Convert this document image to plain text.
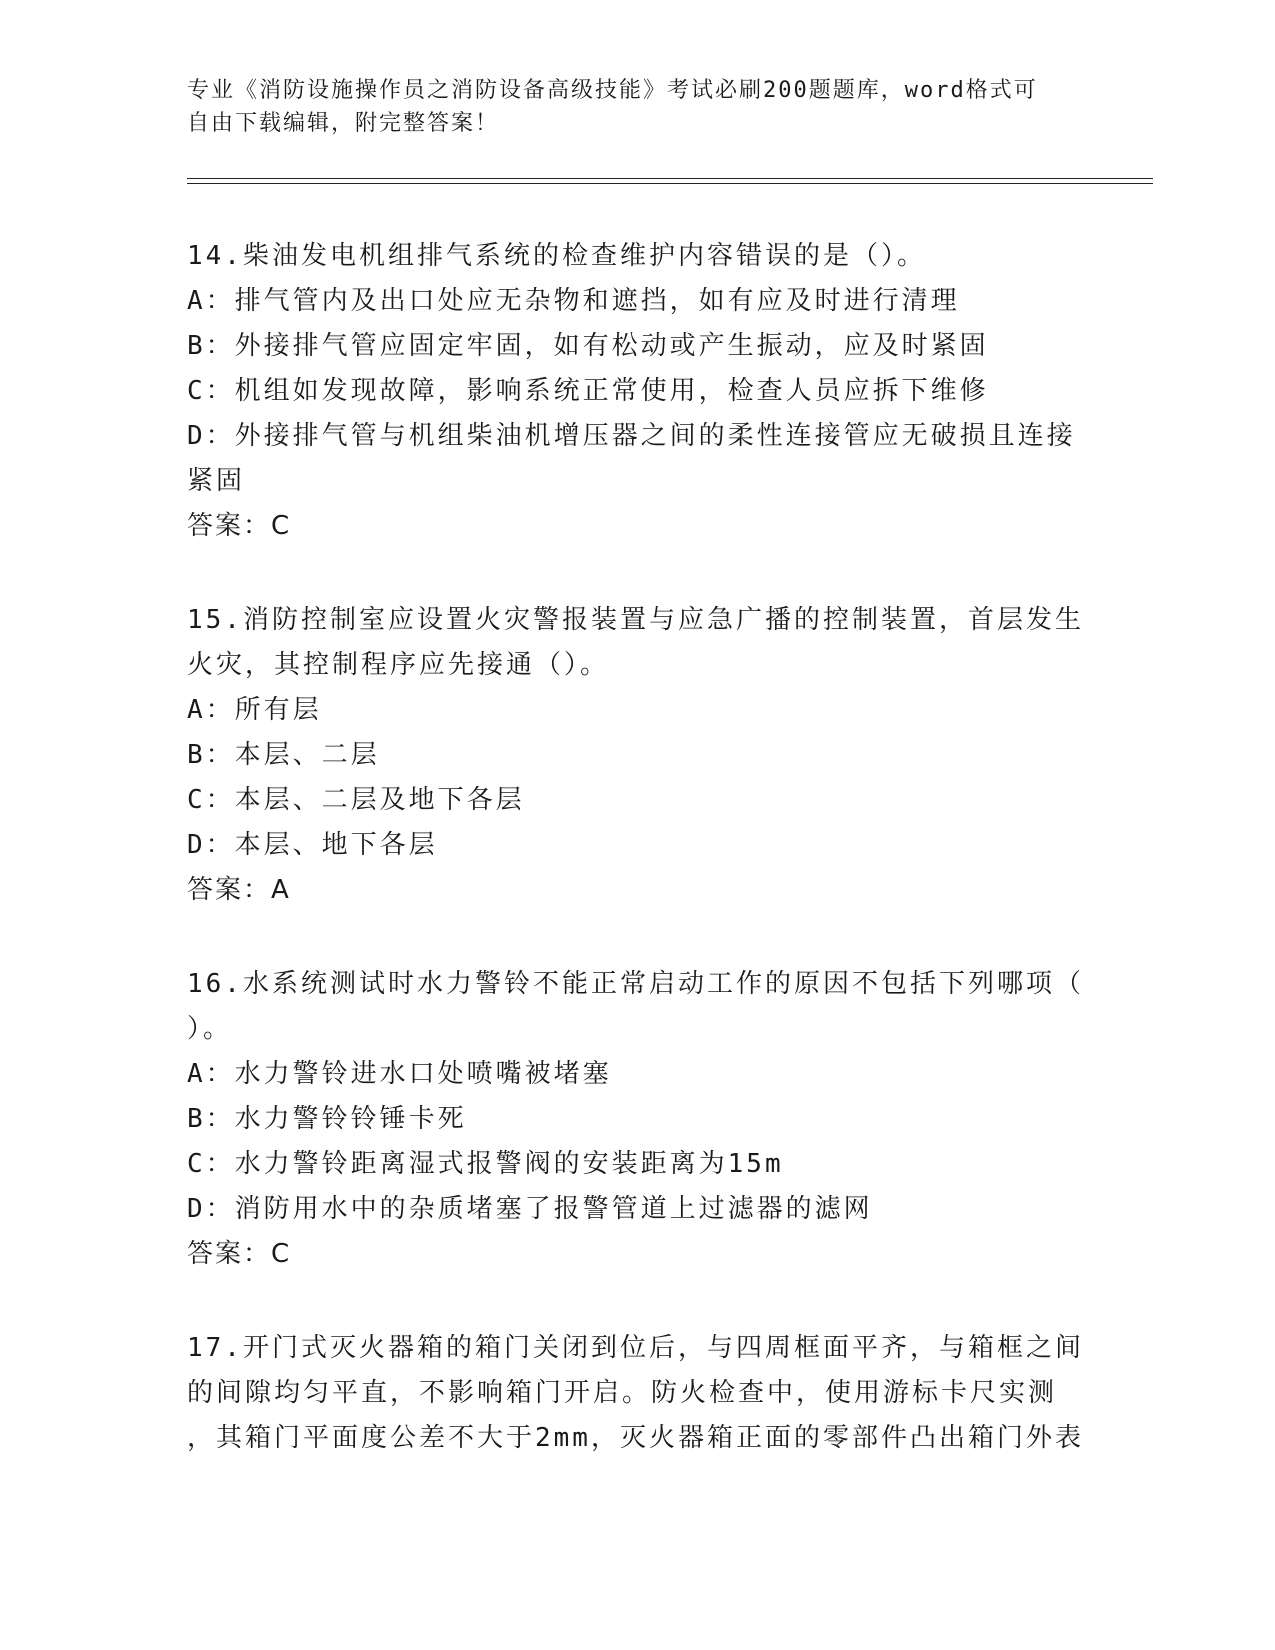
专业《消防设施操作员之消防设备高级技能》考试必刷200题题库，word格式可
自由下载编辑，附完整答案！
14.柴油发电机组排气系统的检查维护内容错误的是（）。
A：排气管内及出口处应无杂物和遮挡，如有应及时进行清理
B：外接排气管应固定牢固，如有松动或产生振动，应及时紧固
C：机组如发现故障，影响系统正常使用，检查人员应拆下维修
D：外接排气管与机组柴油机增压器之间的柔性连接管应无破损且连接
紧固
答案：C
15.消防控制室应设置火灾警报装置与应急广播的控制装置，首层发生
火灾，其控制程序应先接通（）。
A：所有层
B：本层、二层
C：本层、二层及地下各层
D：本层、地下各层
答案：A
16.水系统测试时水力警铃不能正常启动工作的原因不包括下列哪项（
）。
A：水力警铃进水口处喷嘴被堵塞
B：水力警铃铃锤卡死
C：水力警铃距离湿式报警阀的安装距离为15m
D：消防用水中的杂质堵塞了报警管道上过滤器的滤网
答案：C
17.开门式灭火器箱的箱门关闭到位后，与四周框面平齐，与箱框之间
的间隙均匀平直，不影响箱门开启。防火检查中，使用游标卡尺实测
，其箱门平面度公差不大于2mm，灭火器箱正面的零部件凸出箱门外表
